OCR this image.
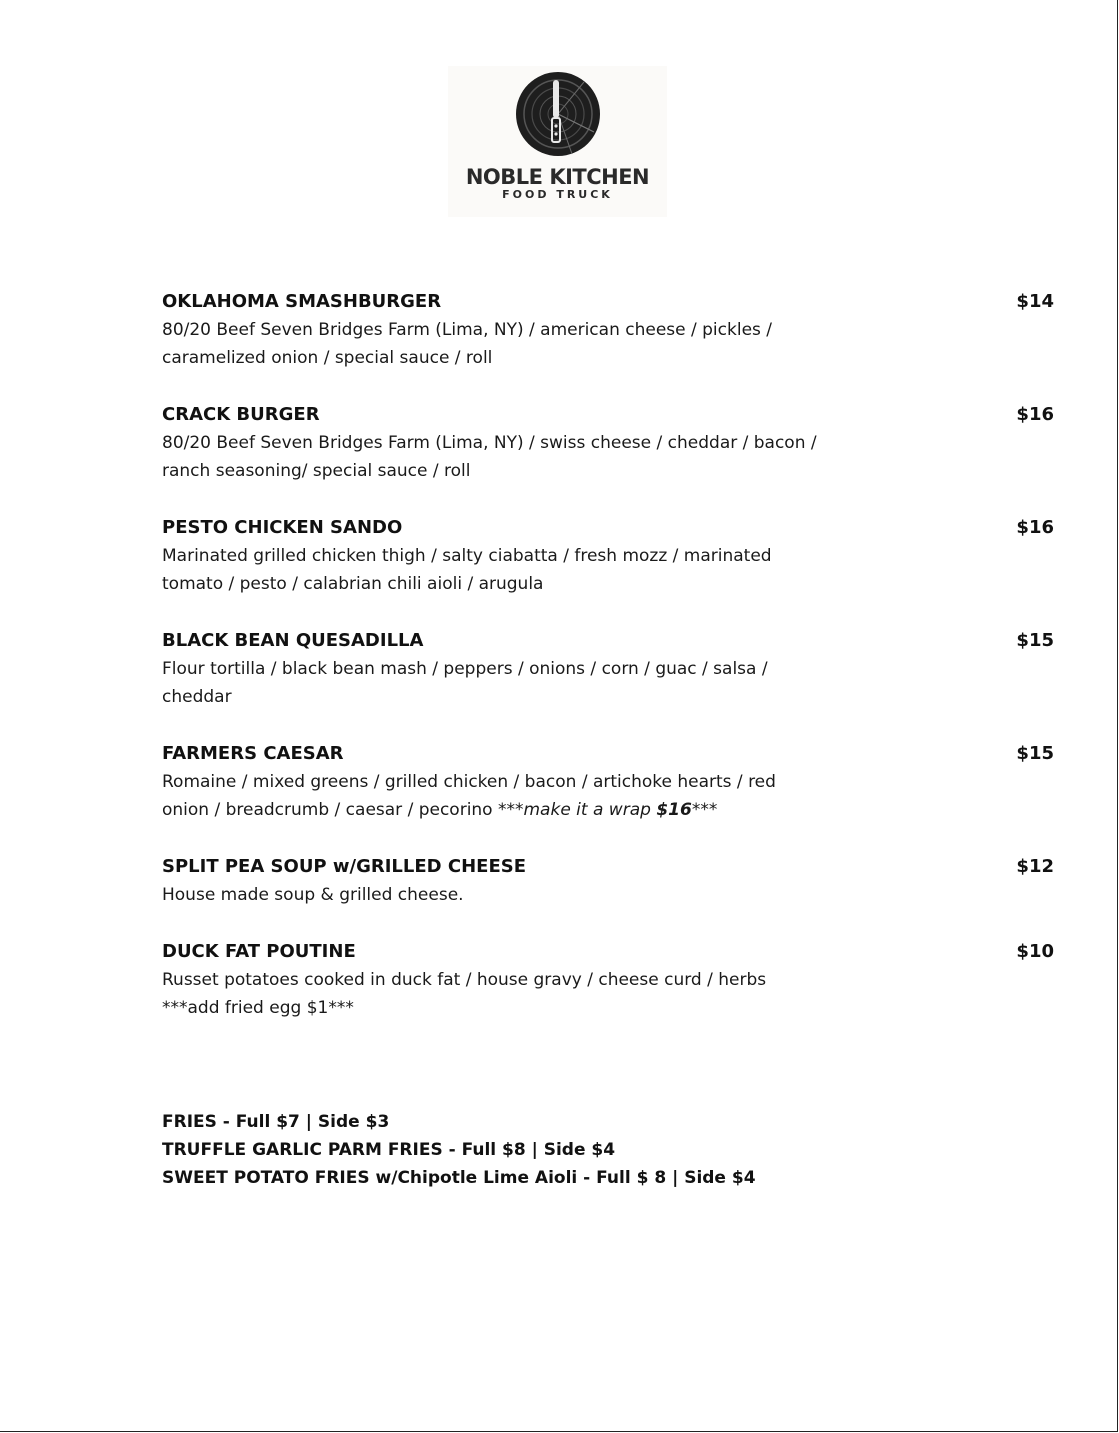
NOBLE KITCHEN
FOOD TRUCK
OKLAHOMA SMASHBURGER	$14
80/20 Beef Seven Bridges Farm (Lima, NY) / american cheese / pickles /
caramelized onion / special sauce / roll
CRACK BURGER	$16
80/20 Beef Seven Bridges Farm (Lima, NY) / swiss cheese / cheddar / bacon /
ranch seasoning/ special sauce / roll
PESTO CHICKEN SANDO	$16
Marinated grilled chicken thigh / salty ciabatta / fresh mozz / marinated
tomato / pesto / calabrian chili aioli / arugula
BLACK BEAN QUESADILLA	$15
Flour tortilla / black bean mash / peppers / onions / corn / guac / salsa /
cheddar
FARMERS CAESAR	$15
Romaine / mixed greens / grilled chicken / bacon / artichoke hearts / red
onion / breadcrumb / caesar / pecorino ***make it a wrap $16***
SPLIT PEA SOUP w/GRILLED CHEESE	$12
House made soup & grilled cheese.
DUCK FAT POUTINE	$10
Russet potatoes cooked in duck fat / house gravy / cheese curd / herbs
***add fried egg $1***
FRIES - Full $7 | Side $3
TRUFFLE GARLIC PARM FRIES - Full $8 | Side $4
SWEET POTATO FRIES w/Chipotle Lime Aioli - Full $ 8 | Side $4
